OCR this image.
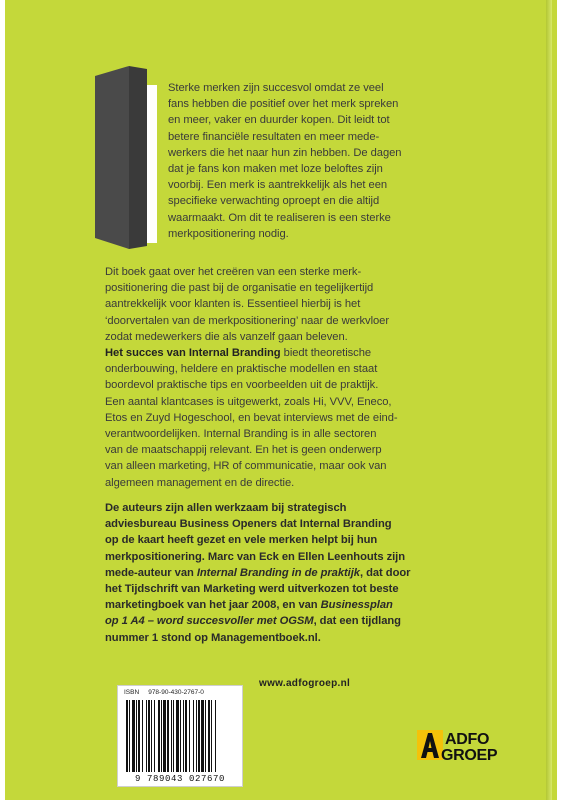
Sterke merken zijn succesvol omdat ze veel
fans hebben die positief over het merk spreken
en meer, vaker en duurder kopen. Dit leidt tot
betere financiële resultaten en meer mede-
werkers die het naar hun zin hebben. De dagen
dat je fans kon maken met loze beloftes zijn
voorbij. Een merk is aantrekkelijk als het een
specifieke verwachting oproept en die altijd
waarmaakt. Om dit te realiseren is een sterke
merkpositionering nodig.
Dit boek gaat over het creëren van een sterke merk-
positionering die past bij de organisatie en tegelijkertijd
aantrekkelijk voor klanten is. Essentieel hierbij is het
‘doorvertalen van de merkpositionering’ naar de werkvloer
zodat medewerkers die als vanzelf gaan beleven.
Het succes van Internal Branding biedt theoretische
onderbouwing, heldere en praktische modellen en staat
boordevol praktische tips en voorbeelden uit de praktijk.
Een aantal klantcases is uitgewerkt, zoals Hi, VVV, Eneco,
Etos en Zuyd Hogeschool, en bevat interviews met de eind-
verantwoordelijken. Internal Branding is in alle sectoren
van de maatschappij relevant. En het is geen onderwerp
van alleen marketing, HR of communicatie, maar ook van
algemeen management en de directie.
De auteurs zijn allen werkzaam bij strategisch
adviesbureau Business Openers dat Internal Branding
op de kaart heeft gezet en vele merken helpt bij hun
merkpositionering. Marc van Eck en Ellen Leenhouts zijn
mede-auteur van Internal Branding in de praktijk, dat door
het Tijdschrift van Marketing werd uitverkozen tot beste
marketingboek van het jaar 2008, en van Businessplan
op 1 A4 – word succesvoller met OGSM, dat een tijdlang
nummer 1 stond op Managementboek.nl.
www.adfogroep.nl
ISBN 978-90-430-2767-0
9 789043 027670
ADFO
GROEP
